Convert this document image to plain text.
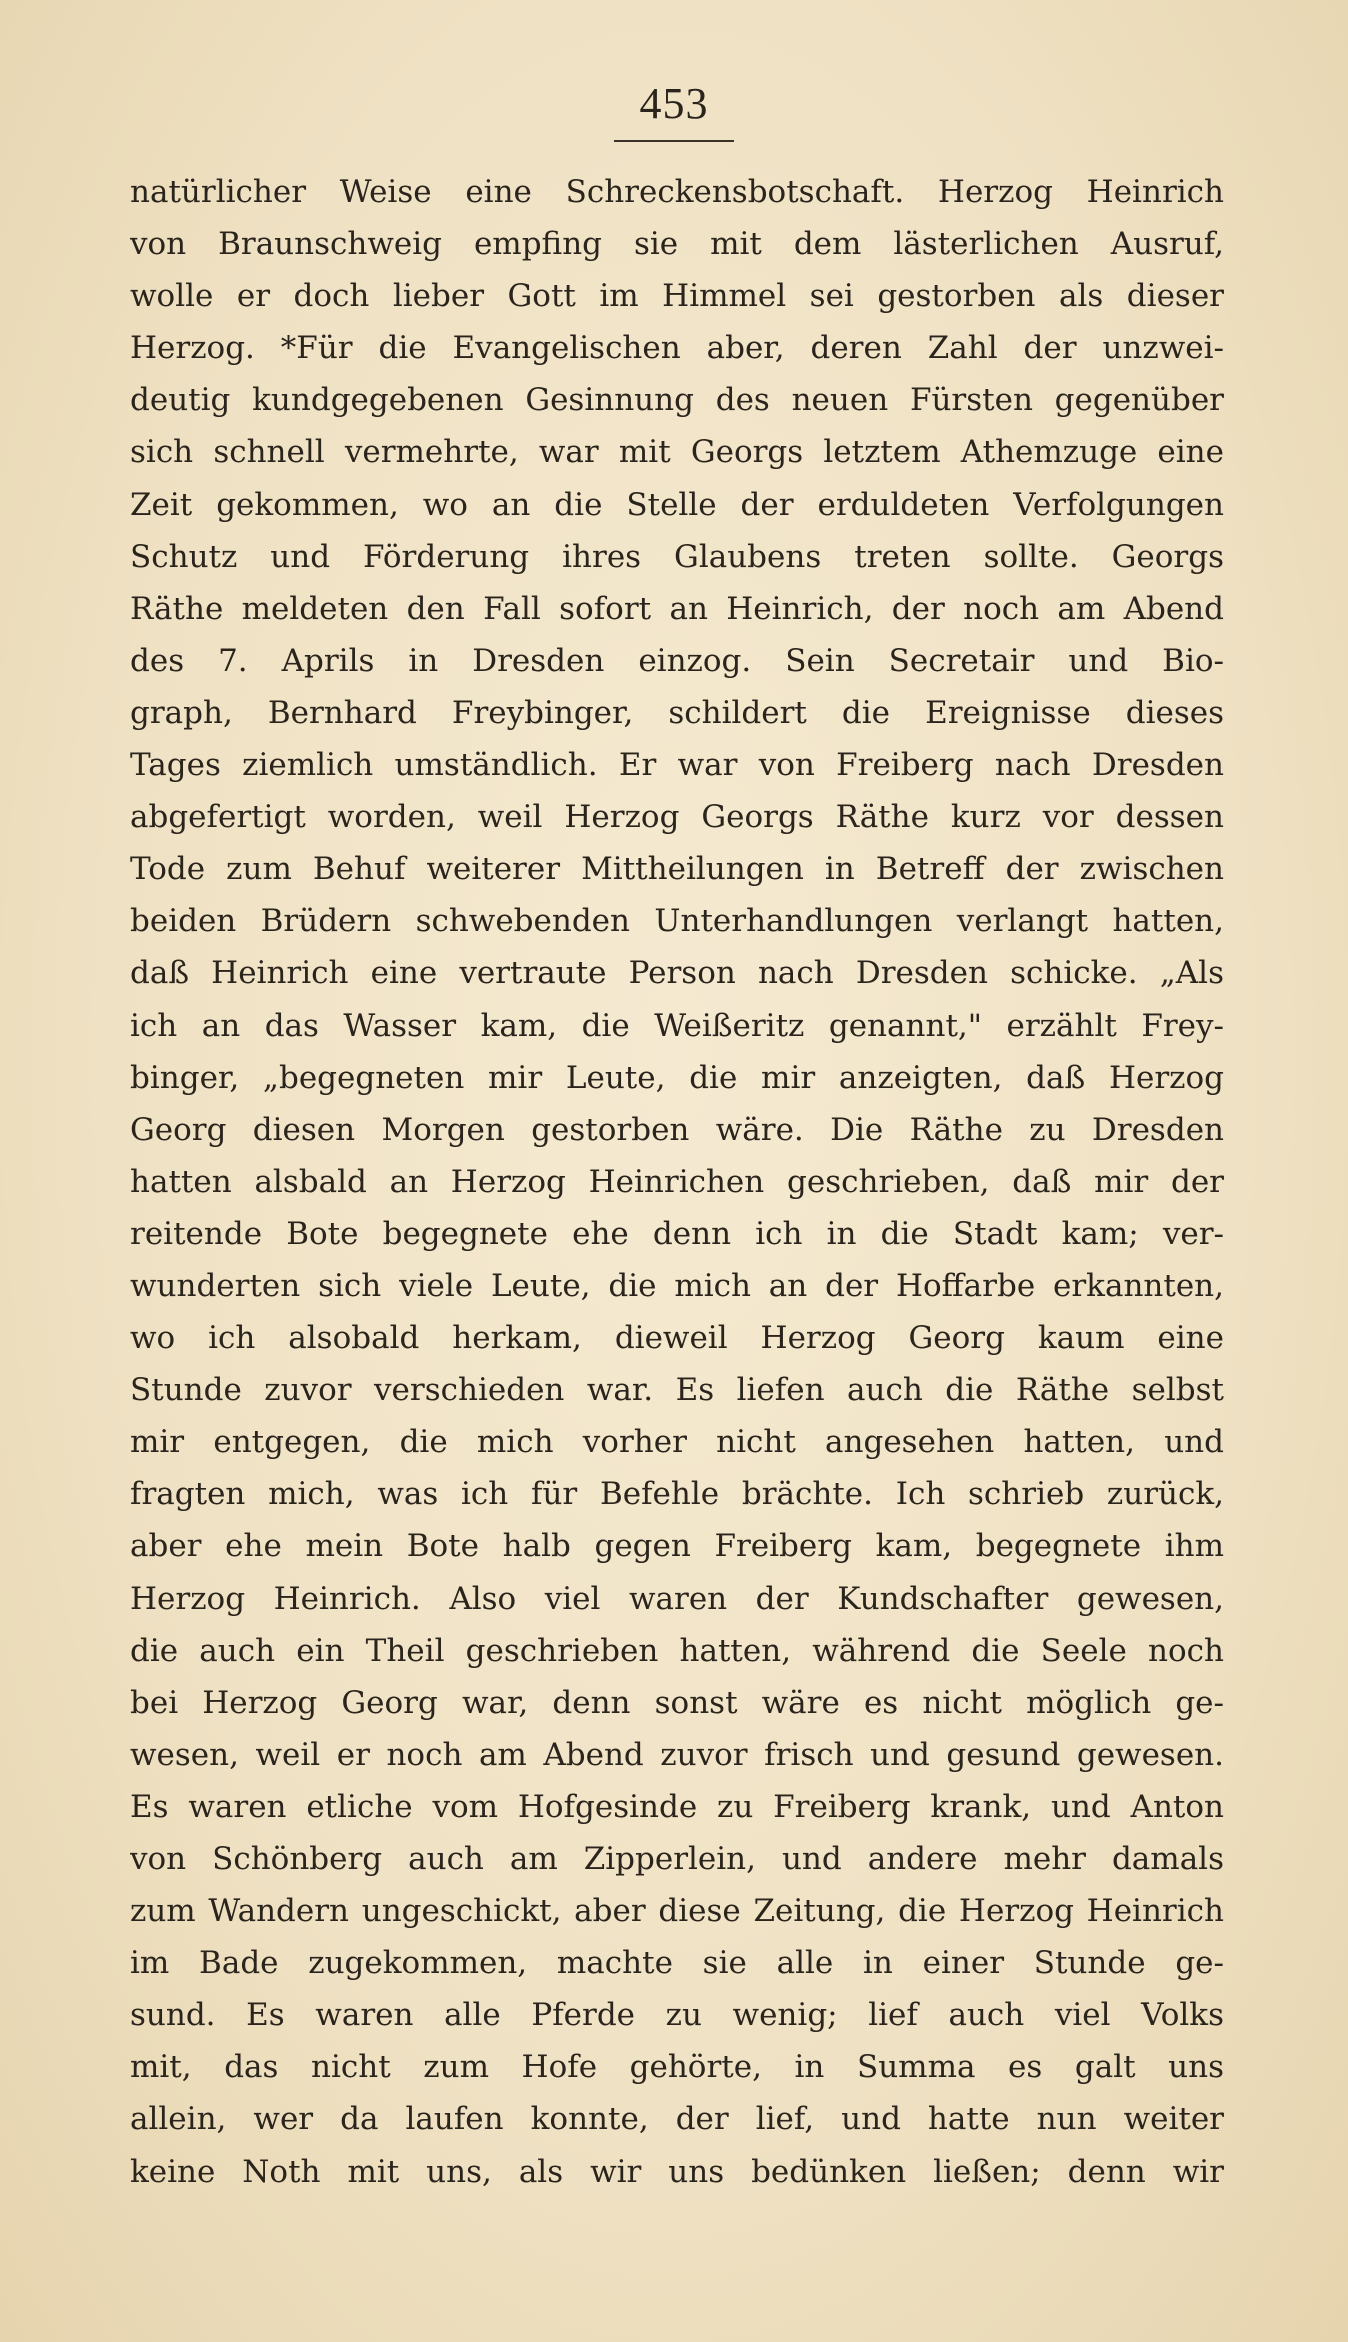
453
natürlicher Weise eine Schreckensbotschaft. Herzog Heinrich
von Braunschweig empfing sie mit dem lästerlichen Ausruf,
wolle er doch lieber Gott im Himmel sei gestorben als dieser
Herzog. *Für die Evangelischen aber, deren Zahl der unzwei-
deutig kundgegebenen Gesinnung des neuen Fürsten gegenüber
sich schnell vermehrte, war mit Georgs letztem Athemzuge eine
Zeit gekommen, wo an die Stelle der erduldeten Verfolgungen
Schutz und Förderung ihres Glaubens treten sollte. Georgs
Räthe meldeten den Fall sofort an Heinrich, der noch am Abend
des 7. Aprils in Dresden einzog. Sein Secretair und Bio-
graph, Bernhard Freybinger, schildert die Ereignisse dieses
Tages ziemlich umständlich. Er war von Freiberg nach Dresden
abgefertigt worden, weil Herzog Georgs Räthe kurz vor dessen
Tode zum Behuf weiterer Mittheilungen in Betreff der zwischen
beiden Brüdern schwebenden Unterhandlungen verlangt hatten,
daß Heinrich eine vertraute Person nach Dresden schicke. „Als
ich an das Wasser kam, die Weißeritz genannt," erzählt Frey-
binger, „begegneten mir Leute, die mir anzeigten, daß Herzog
Georg diesen Morgen gestorben wäre. Die Räthe zu Dresden
hatten alsbald an Herzog Heinrichen geschrieben, daß mir der
reitende Bote begegnete ehe denn ich in die Stadt kam; ver-
wunderten sich viele Leute, die mich an der Hoffarbe erkannten,
wo ich alsobald herkam, dieweil Herzog Georg kaum eine
Stunde zuvor verschieden war. Es liefen auch die Räthe selbst
mir entgegen, die mich vorher nicht angesehen hatten, und
fragten mich, was ich für Befehle brächte. Ich schrieb zurück,
aber ehe mein Bote halb gegen Freiberg kam, begegnete ihm
Herzog Heinrich. Also viel waren der Kundschafter gewesen,
die auch ein Theil geschrieben hatten, während die Seele noch
bei Herzog Georg war, denn sonst wäre es nicht möglich ge-
wesen, weil er noch am Abend zuvor frisch und gesund gewesen.
Es waren etliche vom Hofgesinde zu Freiberg krank, und Anton
von Schönberg auch am Zipperlein, und andere mehr damals
zum Wandern ungeschickt, aber diese Zeitung, die Herzog Heinrich
im Bade zugekommen, machte sie alle in einer Stunde ge-
sund. Es waren alle Pferde zu wenig; lief auch viel Volks
mit, das nicht zum Hofe gehörte, in Summa es galt uns
allein, wer da laufen konnte, der lief, und hatte nun weiter
keine Noth mit uns, als wir uns bedünken ließen; denn wir
